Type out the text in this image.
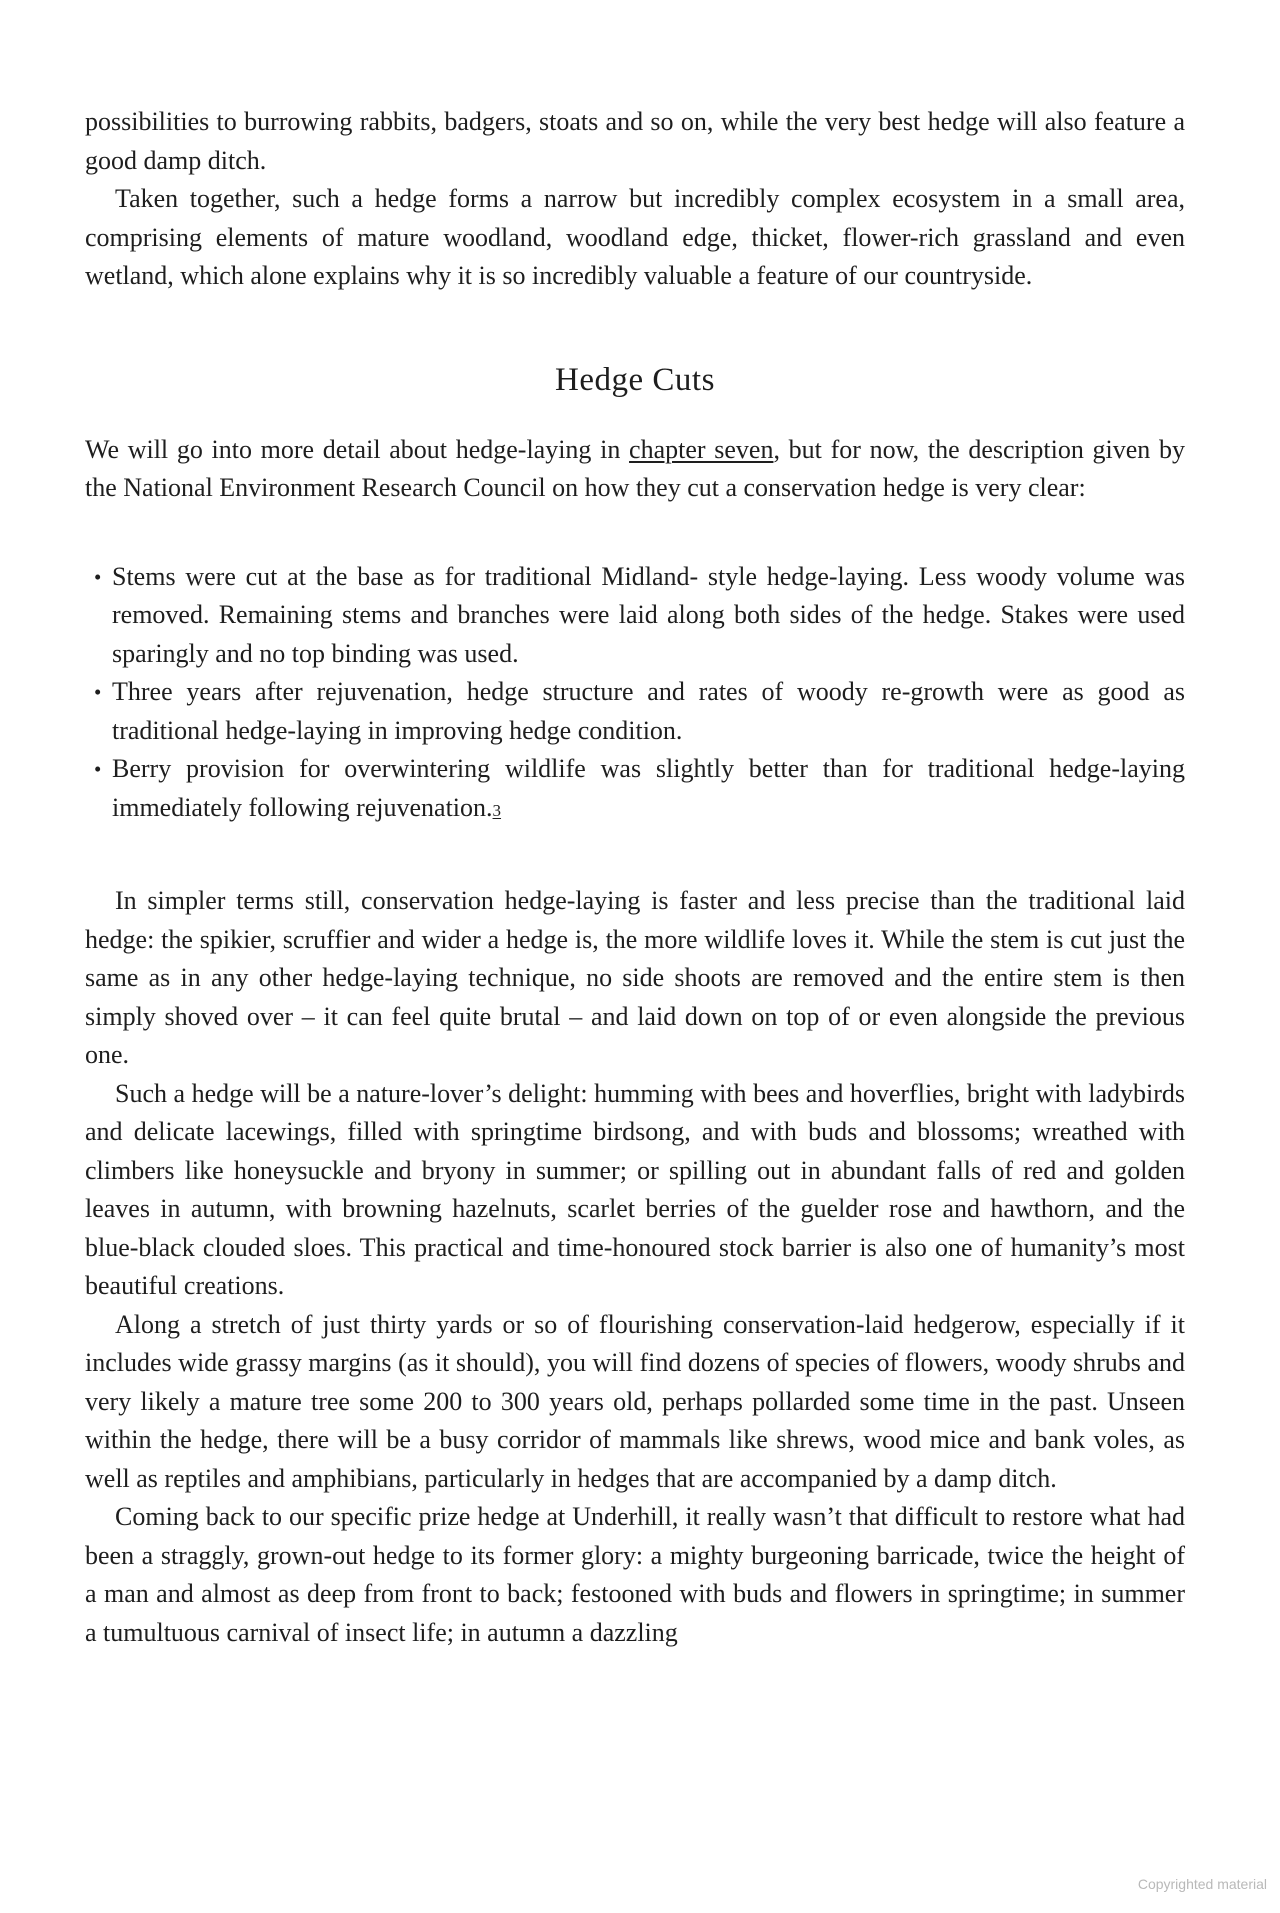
possibilities to burrowing rabbits, badgers, stoats and so on, while the very best hedge will also feature a good damp ditch.

Taken together, such a hedge forms a narrow but incredibly complex ecosystem in a small area, comprising elements of mature woodland, woodland edge, thicket, flower-rich grassland and even wetland, which alone explains why it is so incredibly valuable a feature of our countryside.

Hedge Cuts

We will go into more detail about hedge-laying in chapter seven, but for now, the description given by the National Environment Research Council on how they cut a conservation hedge is very clear:

• Stems were cut at the base as for traditional Midland- style hedge-laying. Less woody volume was removed. Remaining stems and branches were laid along both sides of the hedge. Stakes were used sparingly and no top binding was used.
• Three years after rejuvenation, hedge structure and rates of woody re-growth were as good as traditional hedge-laying in improving hedge condition.
• Berry provision for overwintering wildlife was slightly better than for traditional hedge-laying immediately following rejuvenation.3

In simpler terms still, conservation hedge-laying is faster and less precise than the traditional laid hedge: the spikier, scruffier and wider a hedge is, the more wildlife loves it. While the stem is cut just the same as in any other hedge-laying technique, no side shoots are removed and the entire stem is then simply shoved over – it can feel quite brutal – and laid down on top of or even alongside the previous one.

Such a hedge will be a nature-lover’s delight: humming with bees and hoverflies, bright with ladybirds and delicate lacewings, filled with springtime birdsong, and with buds and blossoms; wreathed with climbers like honeysuckle and bryony in summer; or spilling out in abundant falls of red and golden leaves in autumn, with browning hazelnuts, scarlet berries of the guelder rose and hawthorn, and the blue-black clouded sloes. This practical and time-honoured stock barrier is also one of humanity’s most beautiful creations.

Along a stretch of just thirty yards or so of flourishing conservation-laid hedgerow, especially if it includes wide grassy margins (as it should), you will find dozens of species of flowers, woody shrubs and very likely a mature tree some 200 to 300 years old, perhaps pollarded some time in the past. Unseen within the hedge, there will be a busy corridor of mammals like shrews, wood mice and bank voles, as well as reptiles and amphibians, particularly in hedges that are accompanied by a damp ditch.

Coming back to our specific prize hedge at Underhill, it really wasn’t that difficult to restore what had been a straggly, grown-out hedge to its former glory: a mighty burgeoning barricade, twice the height of a man and almost as deep from front to back; festooned with buds and flowers in springtime; in summer a tumultuous carnival of insect life; in autumn a dazzling

Copyrighted material
